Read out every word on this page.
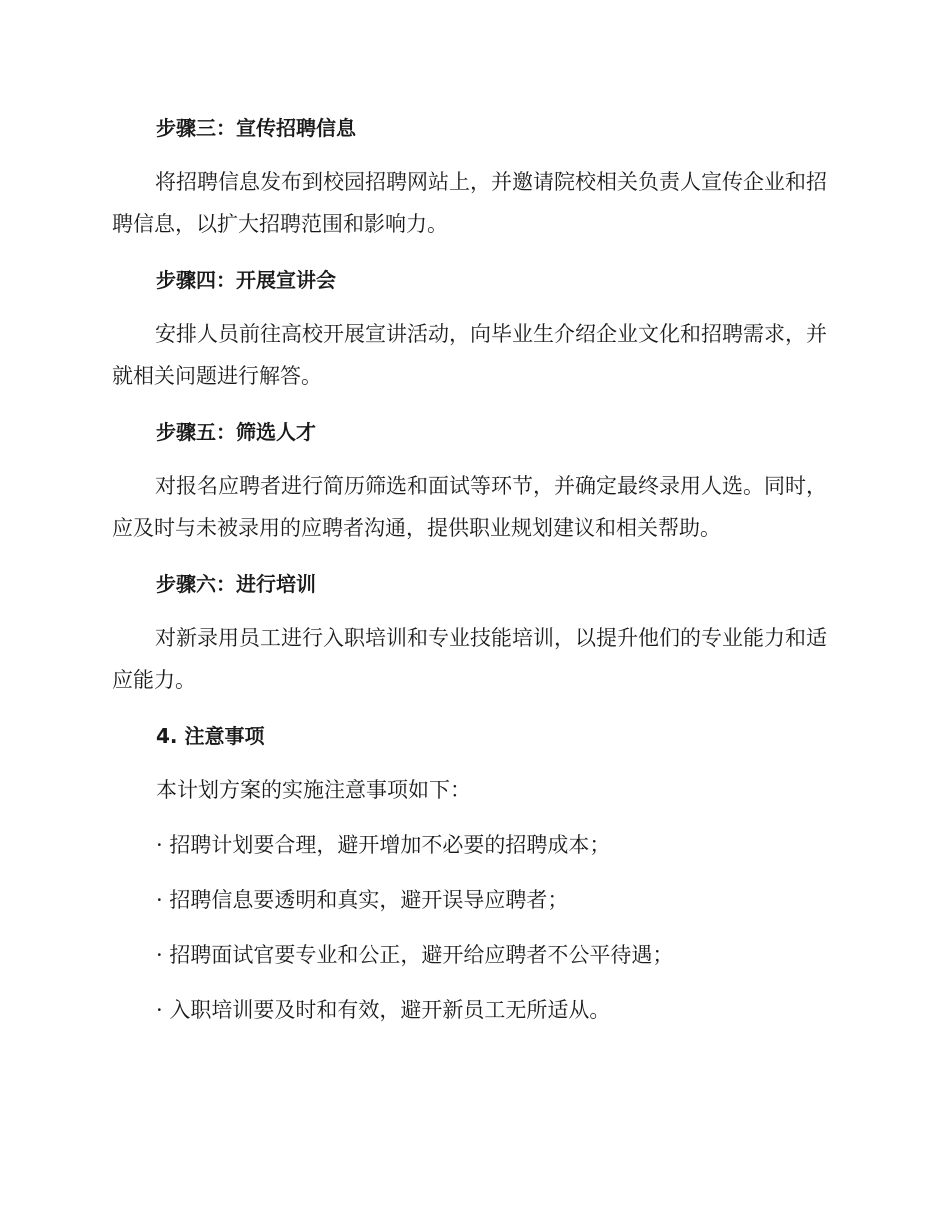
步骤三：宣传招聘信息
将招聘信息发布到校园招聘网站上，并邀请院校相关负责人宣传企业和招聘信息，以扩大招聘范围和影响力。
步骤四：开展宣讲会
安排人员前往高校开展宣讲活动，向毕业生介绍企业文化和招聘需求，并就相关问题进行解答。
步骤五：筛选人才
对报名应聘者进行简历筛选和面试等环节，并确定最终录用人选。同时，应及时与未被录用的应聘者沟通，提供职业规划建议和相关帮助。
步骤六：进行培训
对新录用员工进行入职培训和专业技能培训，以提升他们的专业能力和适应能力。
4. 注意事项
本计划方案的实施注意事项如下：
· 招聘计划要合理，避开增加不必要的招聘成本；
· 招聘信息要透明和真实，避开误导应聘者；
· 招聘面试官要专业和公正，避开给应聘者不公平待遇；
· 入职培训要及时和有效，避开新员工无所适从。
